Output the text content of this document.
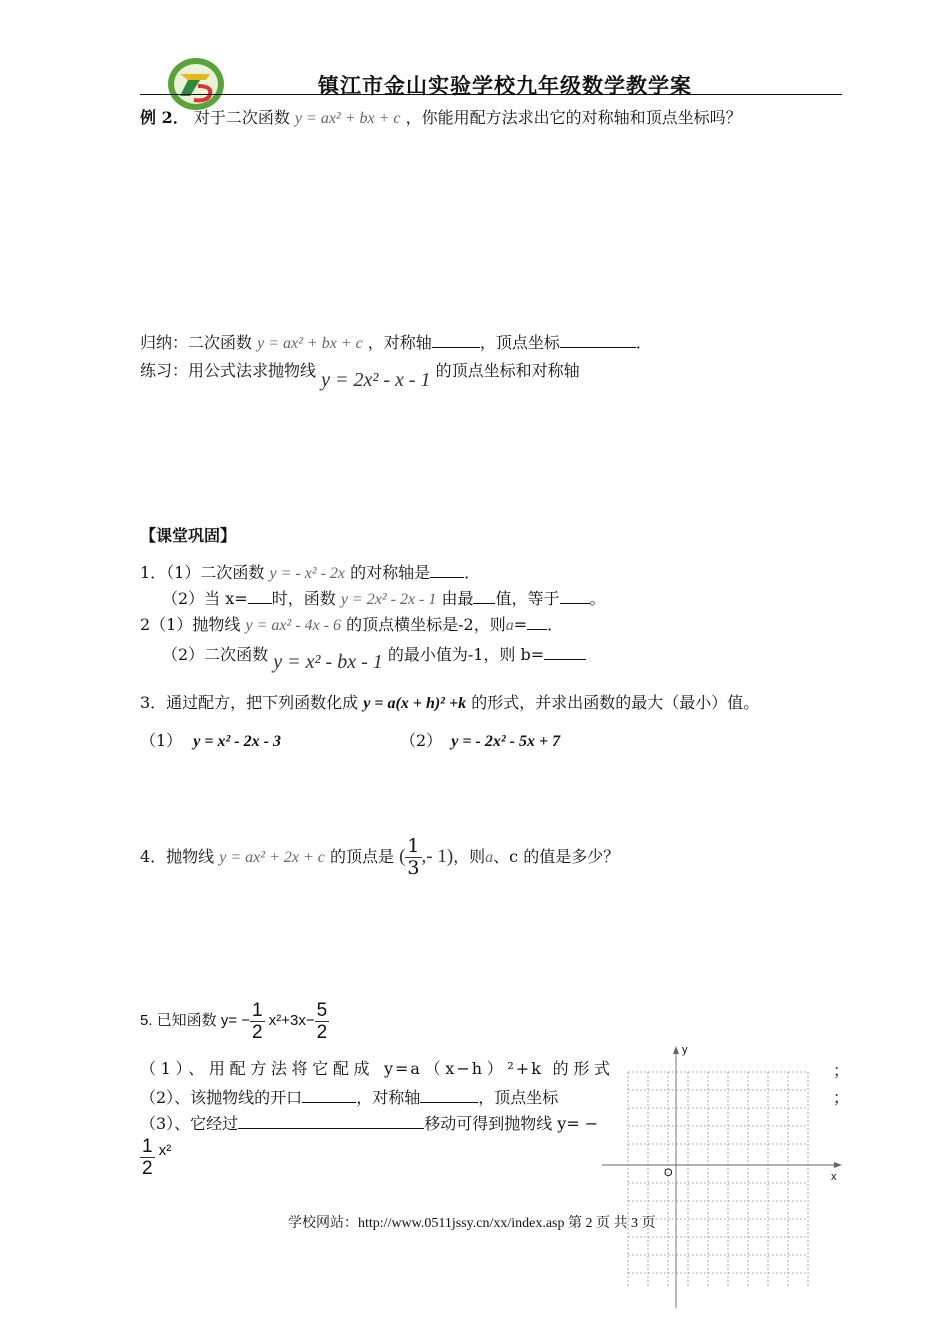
镇江市金山实验学校九年级数学教学案
例 2． 对于二次函数 y = ax² + bx + c ，你能用配方法求出它的对称轴和顶点坐标吗？
归纳：二次函数 y = ax² + bx + c ，对称轴	，顶点坐标	．
练习：用公式法求抛物线 y = 2x² - x - 1 的顶点坐标和对称轴
【课堂巩固】
1．（1）二次函数 y = - x² - 2x 的对称轴是 ．
（2）当 x= 时，函数 y = 2x² - 2x - 1 由最 值，等于 。
2（1）抛物线 y = ax² - 4x - 6 的顶点横坐标是-2，则a= ．
（2）二次函数 y = x² - bx - 1 的最小值为-1，则 b=
3．通过配方，把下列函数化成 y = a(x + h)² +k 的形式，并求出函数的最大（最小）值。
（1） y = x² - 2x - 3	（2） y = - 2x² - 5x + 7
4．抛物线 y = ax² + 2x + c 的顶点是 ( $\frac{1}{3}$ ,- 1)，则a、c 的值是多少？
5. 已知函数 $y= - \frac{1}{2} x^2+3x- \frac{5}{2}$
（1）、用配方法将它配成 y=a（x−h）²+k 的形式	；
（2）、该抛物线的开口	，对称轴	，顶点坐标	；
（3）、它经过	移动可得到抛物线 y= −
$\frac{1}{2} x^2$
y
x
O
学校网站：http://www.0511jssy.cn/xx/index.asp 第 2 页 共 3 页
